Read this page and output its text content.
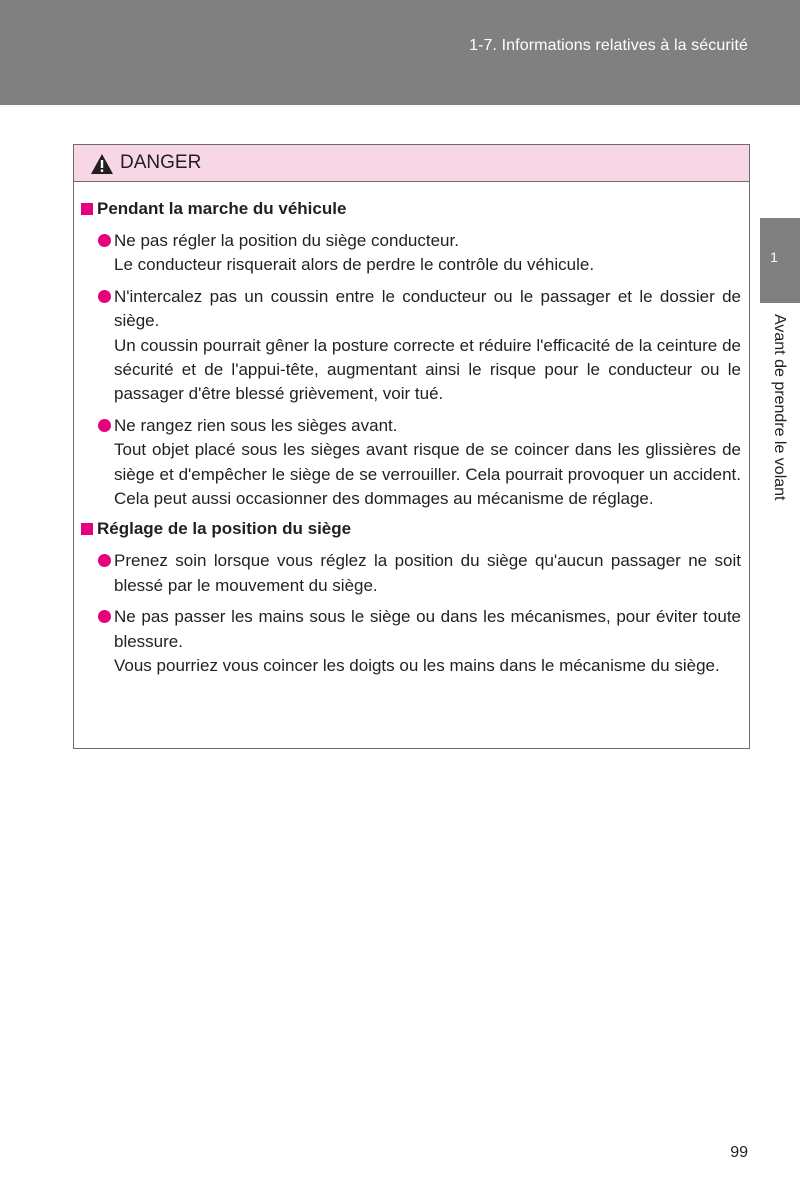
1-7. Informations relatives à la sécurité
1
Avant de prendre le volant
DANGER
Pendant la marche du véhicule

Ne pas régler la position du siège conducteur.

Le conducteur risquerait alors de perdre le contrôle du véhicule.

N'intercalez pas un coussin entre le conducteur ou le passager et le dossier de siège.

Un coussin pourrait gêner la posture correcte et réduire l'efficacité de la ceinture de sécurité et de l'appui-tête, augmentant ainsi le risque pour le conducteur ou le passager d'être blessé grièvement, voir tué.

Ne rangez rien sous les sièges avant.

Tout objet placé sous les sièges avant risque de se coincer dans les glissières de siège et d'empêcher le siège de se verrouiller. Cela pourrait provoquer un accident. Cela peut aussi occasionner des dommages au mécanisme de réglage.

Réglage de la position du siège

Prenez soin lorsque vous réglez la position du siège qu'aucun passager ne soit blessé par le mouvement du siège.

Ne pas passer les mains sous le siège ou dans les mécanismes, pour éviter toute blessure.

Vous pourriez vous coincer les doigts ou les mains dans le mécanisme du siège.

99
